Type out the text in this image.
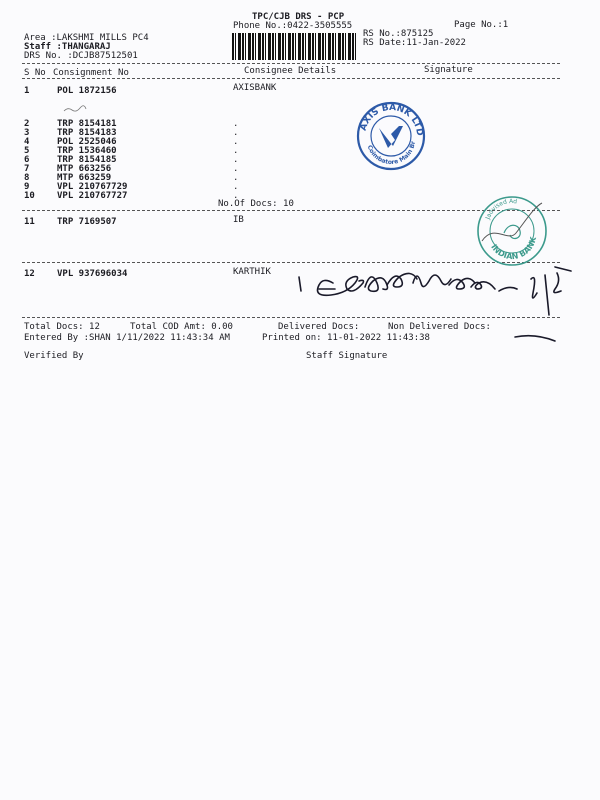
TPC/CJB DRS - PCP
Phone No.:0422-3505555	Page No.:1
Area :LAKSHMI MILLS PC4
Staff :THANGARAJ
DRS No. :DCJB87512501
RS No.:875125
RS Date:11-Jan-2022
S No Consignment No	Consignee Details	Signature
1	POL 1872156	AXISBANK
2	TRP 8154181	.
3	TRP 8154183	.
4	POL 2525046	.
5	TRP 1536460	.
6	TRP 8154185	.
7	MTP 663256	.
8	MTP 663259	.
9	VPL 210767729	.
10 VPL 210767727	.
No.Of Docs: 10
11 TRP 7169507	IB
12 VPL 937696034	KARTHIK
AXIS BANK LTD
Coimbatore Main Br
Jadvised Ad
INDIAN BANK
Total Docs: 12	Total COD Amt: 0.00	Delivered Docs:	Non Delivered Docs:
Entered By :SHAN 1/11/2022 11:43:34 AM	Printed on: 11-01-2022 11:43:38
Verified By	Staff Signature
